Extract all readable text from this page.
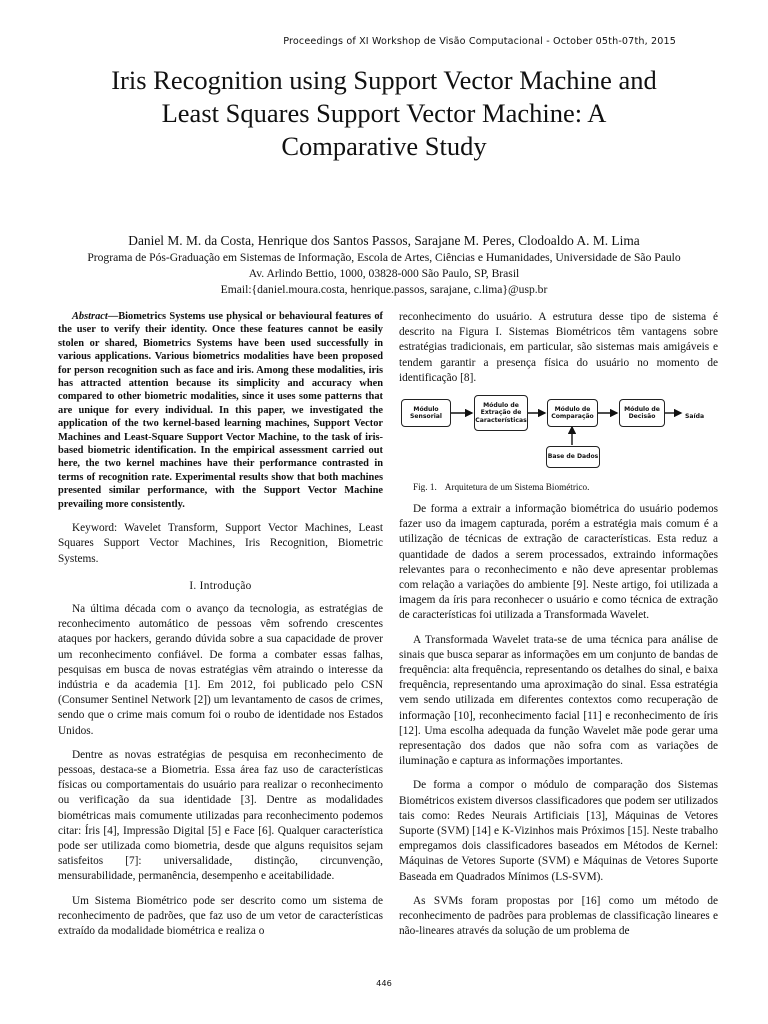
Proceedings of XI Workshop de Visão Computacional - October 05th-07th, 2015
Iris Recognition using Support Vector Machine and
Least Squares Support Vector Machine: A
Comparative Study
Daniel M. M. da Costa, Henrique dos Santos Passos, Sarajane M. Peres, Clodoaldo A. M. Lima
Programa de Pós-Graduação em Sistemas de Informação, Escola de Artes, Ciências e Humanidades, Universidade de São Paulo
Av. Arlindo Bettio, 1000, 03828-000 São Paulo, SP, Brasil
Email:{daniel.moura.costa, henrique.passos, sarajane, c.lima}@usp.br

Abstract—Biometrics Systems use physical or behavioural features of the user to verify their identity. Once these features cannot be easily stolen or shared, Biometrics Systems have been used successfully in various applications. Various biometrics modalities have been proposed for person recognition such as face and iris. Among these modalities, iris has attracted attention because its simplicity and accuracy when compared to other biometric modalities, since it uses some patterns that are unique for every individual. In this paper, we investigated the application of the two kernel-based learning machines, Support Vector Machines and Least-Square Support Vector Machine, to the task of iris-based biometric identification. In the empirical assessment carried out here, the two kernel machines have their performance contrasted in terms of recognition rate. Experimental results show that both machines presented similar performance, with the Support Vector Machine prevailing more consistently.

Keyword: Wavelet Transform, Support Vector Machines, Least Squares Support Vector Machines, Iris Recognition, Biometric Systems.

I. Introdução

Na última década com o avanço da tecnologia, as estratégias de reconhecimento automático de pessoas vêm sofrendo crescentes ataques por hackers, gerando dúvida sobre a sua capacidade de prover um reconhecimento confiável. De forma a combater essas falhas, pesquisas em busca de novas estratégias vêm atraindo o interesse da indústria e da academia [1]. Em 2012, foi publicado pelo CSN (Consumer Sentinel Network [2]) um levantamento de casos de crimes, sendo que o crime mais comum foi o roubo de identidade nos Estados Unidos.

Dentre as novas estratégias de pesquisa em reconhecimento de pessoas, destaca-se a Biometria. Essa área faz uso de características físicas ou comportamentais do usuário para realizar o reconhecimento ou verificação da sua identidade [3]. Dentre as modalidades biométricas mais comumente utilizadas para reconhecimento podemos citar: Íris [4], Impressão Digital [5] e Face [6]. Qualquer característica pode ser utilizada como biometria, desde que alguns requisitos sejam satisfeitos [7]: universalidade, distinção, circunvenção, mensurabilidade, permanência, desempenho e aceitabilidade.

Um Sistema Biométrico pode ser descrito como um sistema de reconhecimento de padrões, que faz uso de um vetor de características extraído da modalidade biométrica e realiza o

reconhecimento do usuário. A estrutura desse tipo de sistema é descrito na Figura I. Sistemas Biométricos têm vantagens sobre estratégias tradicionais, em particular, são sistemas mais amigáveis e tendem garantir a presença física do usuário no momento de identificação [8].

Módulo Sensorial
Módulo de Extração de Características
Módulo de Comparação
Módulo de Decisão
Base de Dados
Saída

Fig. 1. Arquitetura de um Sistema Biométrico.

De forma a extrair a informação biométrica do usuário podemos fazer uso da imagem capturada, porém a estratégia mais comum é a utilização de técnicas de extração de características. Esta reduz a quantidade de dados a serem processados, extraindo informações relevantes para o reconhecimento e não deve apresentar problemas com relação a variações do ambiente [9]. Neste artigo, foi utilizada a imagem da íris para reconhecer o usuário e como técnica de extração de características foi utilizada a Transformada Wavelet.

A Transformada Wavelet trata-se de uma técnica para análise de sinais que busca separar as informações em um conjunto de bandas de frequência: alta frequência, representando os detalhes do sinal, e baixa frequência, representando uma aproximação do sinal. Essa estratégia vem sendo utilizada em diferentes contextos como recuperação de informação [10], reconhecimento facial [11] e reconhecimento de íris [12]. Uma escolha adequada da função Wavelet mãe pode gerar uma representação dos dados que não sofra com as variações de iluminação e captura as informações importantes.

De forma a compor o módulo de comparação dos Sistemas Biométricos existem diversos classificadores que podem ser utilizados tais como: Redes Neurais Artificiais [13], Máquinas de Vetores Suporte (SVM) [14] e K-Vizinhos mais Próximos [15]. Neste trabalho empregamos dois classificadores baseados em Métodos de Kernel: Máquinas de Vetores Suporte (SVM) e Máquinas de Vetores Suporte Baseada em Quadrados Mínimos (LS-SVM).

As SVMs foram propostas por [16] como um método de reconhecimento de padrões para problemas de classificação lineares e não-lineares através da solução de um problema de

446
